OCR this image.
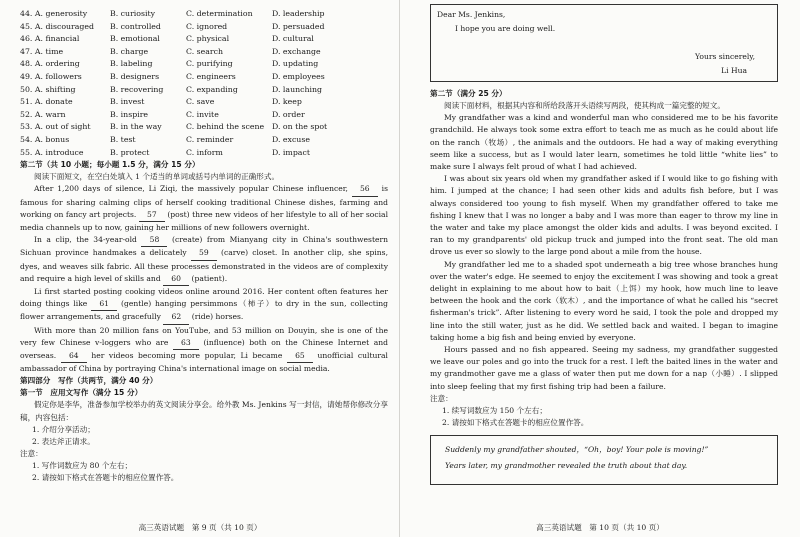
44. A. generosity	B. curiosity	C. determination	D. leadership
45. A. discouraged	B. controlled	C. ignored	D. persuaded
46. A. financial	B. emotional	C. physical	D. cultural
47. A. time	B. charge	C. search	D. exchange
48. A. ordering	B. labeling	C. purifying	D. updating
49. A. followers	B. designers	C. engineers	D. employees
50. A. shifting	B. recovering	C. expanding	D. launching
51. A. donate	B. invest	C. save	D. keep
52. A. warn	B. inspire	C. invite	D. order
53. A. out of sight	B. in the way	C. behind the scene	D. on the spot
54. A. bonus	B. test	C. reminder	D. excuse
55. A. introduce	B. protect	C. inform	D. impact
第二节（共 10 小题；每小题 1.5 分，满分 15 分）

阅读下面短文，在空白处填入 1 个适当的单词或括号内单词的正确形式。

After 1,200 days of silence, Li Ziqi, the massively popular Chinese influencer, 56 is famous for sharing calming clips of herself cooking traditional Chinese dishes, farming and working on fancy art projects. 57 (post) three new videos of her lifestyle to all of her social media channels up to now, gaining her millions of new followers overnight.

In a clip, the 34-year-old 58 (create) from Mianyang city in China's southwestern Sichuan province handmakes a delicately 59 (carve) closet. In another clip, she spins, dyes, and weaves silk fabric. All these processes demonstrated in the videos are of complexity and require a high level of skills and 60 (patient).

Li first started posting cooking videos online around 2016. Her content often features her doing things like 61 (gentle) hanging persimmons（柿子）to dry in the sun, collecting flower arrangements, and gracefully 62 (ride) horses.

With more than 20 million fans on YouTube, and 53 million on Douyin, she is one of the very few Chinese v-loggers who are 63 (influence) both on the Chinese Internet and overseas. 64 her videos becoming more popular, Li became 65 unofficial cultural ambassador of China by portraying China's international image on social media.

第四部分　写作（共两节，满分 40 分）
第一节　应用文写作（满分 15 分）

假定你是李华，准备参加学校举办的英文阅读分享会。给外教 Ms. Jenkins 写一封信，请她帮你修改分享稿，内容包括：

1. 介绍分享活动；
2. 表达斧正请求。
注意：
1. 写作词数应为 80 个左右；
2. 请按如下格式在答题卡的相应位置作答。
高三英语试题　第 9 页（共 10 页）
Dear Ms. Jenkins,
I hope you are doing well.
Yours sincerely,
Li Hua
第二节（满分 25 分）

阅读下面材料，根据其内容和所给段落开头语续写两段，使其构成一篇完整的短文。

My grandfather was a kind and wonderful man who considered me to be his favorite grandchild. He always took some extra effort to teach me as much as he could about life on the ranch（牧场）, the animals and the outdoors. He had a way of making everything seem like a success, but as I would later learn, sometimes he told little “white lies” to make sure I always felt proud of what I had achieved.

I was about six years old when my grandfather asked if I would like to go fishing with him. I jumped at the chance; I had seen other kids and adults fish before, but I was always considered too young to fish myself. When my grandfather offered to take me fishing I knew that I was no longer a baby and I was more than eager to throw my line in the water and take my place amongst the older kids and adults. I was beyond excited. I ran to my grandparents' old pickup truck and jumped into the front seat. The old man drove us ever so slowly to the large pond about a mile from the house.

My grandfather led me to a shaded spot underneath a big tree whose branches hung over the water's edge. He seemed to enjoy the excitement I was showing and took a great delight in explaining to me about how to bait（上饵）my hook, how much line to leave between the hook and the cork（软木）, and the importance of what he called his “secret fisherman's trick”. After listening to every word he said, I took the pole and dropped my line into the still water, just as he did. We settled back and waited. I began to imagine taking home a big fish and being envied by everyone.

Hours passed and no fish appeared. Seeing my sadness, my grandfather suggested we leave our poles and go into the truck for a rest. I left the baited lines in the water and my grandmother gave me a glass of water then put me down for a nap（小睡）. I slipped into sleep feeling that my first fishing trip had been a failure.

注意：
1. 续写词数应为 150 个左右；
2. 请按如下格式在答题卡的相应位置作答。
Suddenly my grandfather shouted，“Oh，boy! Your pole is moving!”
Years later, my grandmother revealed the truth about that day.
高三英语试题　第 10 页（共 10 页）
